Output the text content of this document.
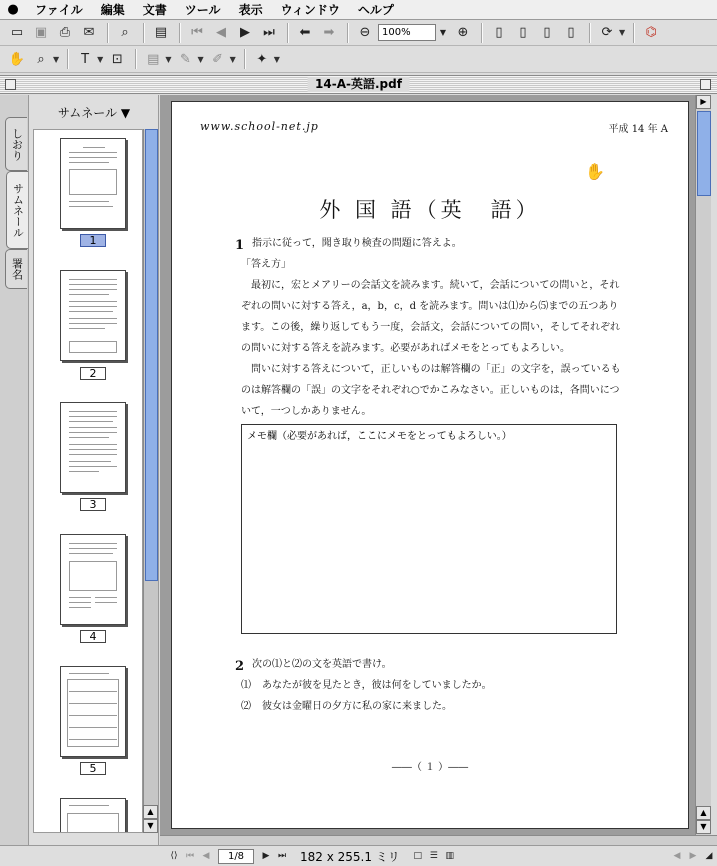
●	ファイル	編集	文書	ツール	表示	ウィンドウ	ヘルプ
▭ ▣ ⎙	✉	⌕	▤	⏮	◀	▶	⏭	⬅	➡	⊖	100%	▼ ⊕	▯	▯	▯	▯	⟳ ▼	⌬
✋ ⌕	▼	T	▼ ⊡	▤ ▼ ✎ ▼ ✐ ▼	✦ ▼
14-A-英語.pdf
しおり
サムネール
署名
サムネール ▼
1
2
3
4
5
▲
▼
www.school-net.jp	平成 14 年 A
✋
外 国 語（英　語）
1 指示に従って，聞き取り検査の問題に答えよ。
「答え方」
　最初に，宏とメアリーの会話文を読みます。続いて，会話についての問いと，それ
ぞれの問いに対する答え，a，b，c，d を読みます。問いは⑴から⑸までの五つあり
ます。この後，繰り返してもう一度，会話文，会話についての問い，そしてそれぞれ
の問いに対する答えを読みます。必要があればメモをとってもよろしい。
　問いに対する答えについて，正しいものは解答欄の「正」の文字を，誤っているも
のは解答欄の「誤」の文字をそれぞれ○でかこみなさい。正しいものは，各問いにつ
いて，一つしかありません。
メモ欄（必要があれば，ここにメモをとってもよろしい。）
2 次の⑴と⑵の文を英語で書け。
⑴ あなたが彼を見たとき，彼は何をしていましたか。
⑵ 彼女は金曜日の夕方に私の家に来ました。
――（ １ ）――
▶
▲
▼
⟨⟩ ⏮ ◀	1/8	▶ ⏭	182 x 255.1 ミリ	□ ☰ ▥	◀	▶	◢
